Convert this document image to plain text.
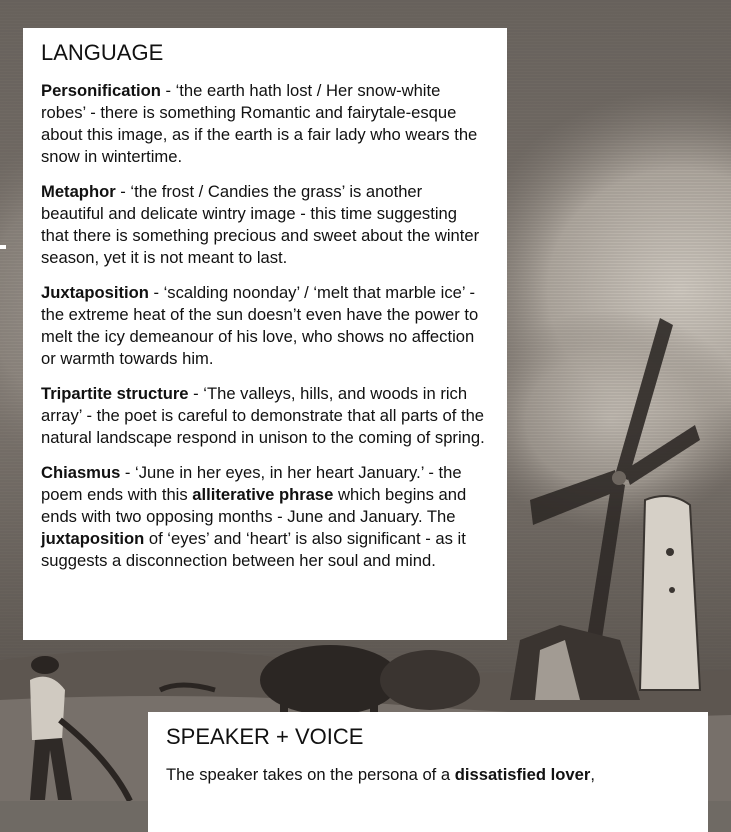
LANGUAGE

Personification - ‘the earth hath lost / Her snow-white robes’ - there is something Romantic and fairytale-esque about this image, as if the earth is a fair lady who wears the snow in wintertime.

Metaphor - ‘the frost / Candies the grass’ is another beautiful and delicate wintry image - this time suggesting that there is something precious and sweet about the winter season, yet it is not meant to last.

Juxtaposition - ‘scalding noonday’ / ‘melt that marble ice’ - the extreme heat of the sun doesn’t even have the power to melt the icy demeanour of his love, who shows no affection or warmth towards him.

Tripartite structure - ‘The valleys, hills, and woods in rich array’ - the poet is careful to demonstrate that all parts of the natural landscape respond in unison to the coming of spring.

Chiasmus - ‘June in her eyes, in her heart January.’ - the poem ends with this alliterative phrase which begins and ends with two opposing months - June and January. The juxtaposition of ‘eyes’ and ‘heart’ is also significant - as it suggests a disconnection between her soul and mind.

SPEAKER + VOICE

The speaker takes on the persona of a dissatisfied lover,
